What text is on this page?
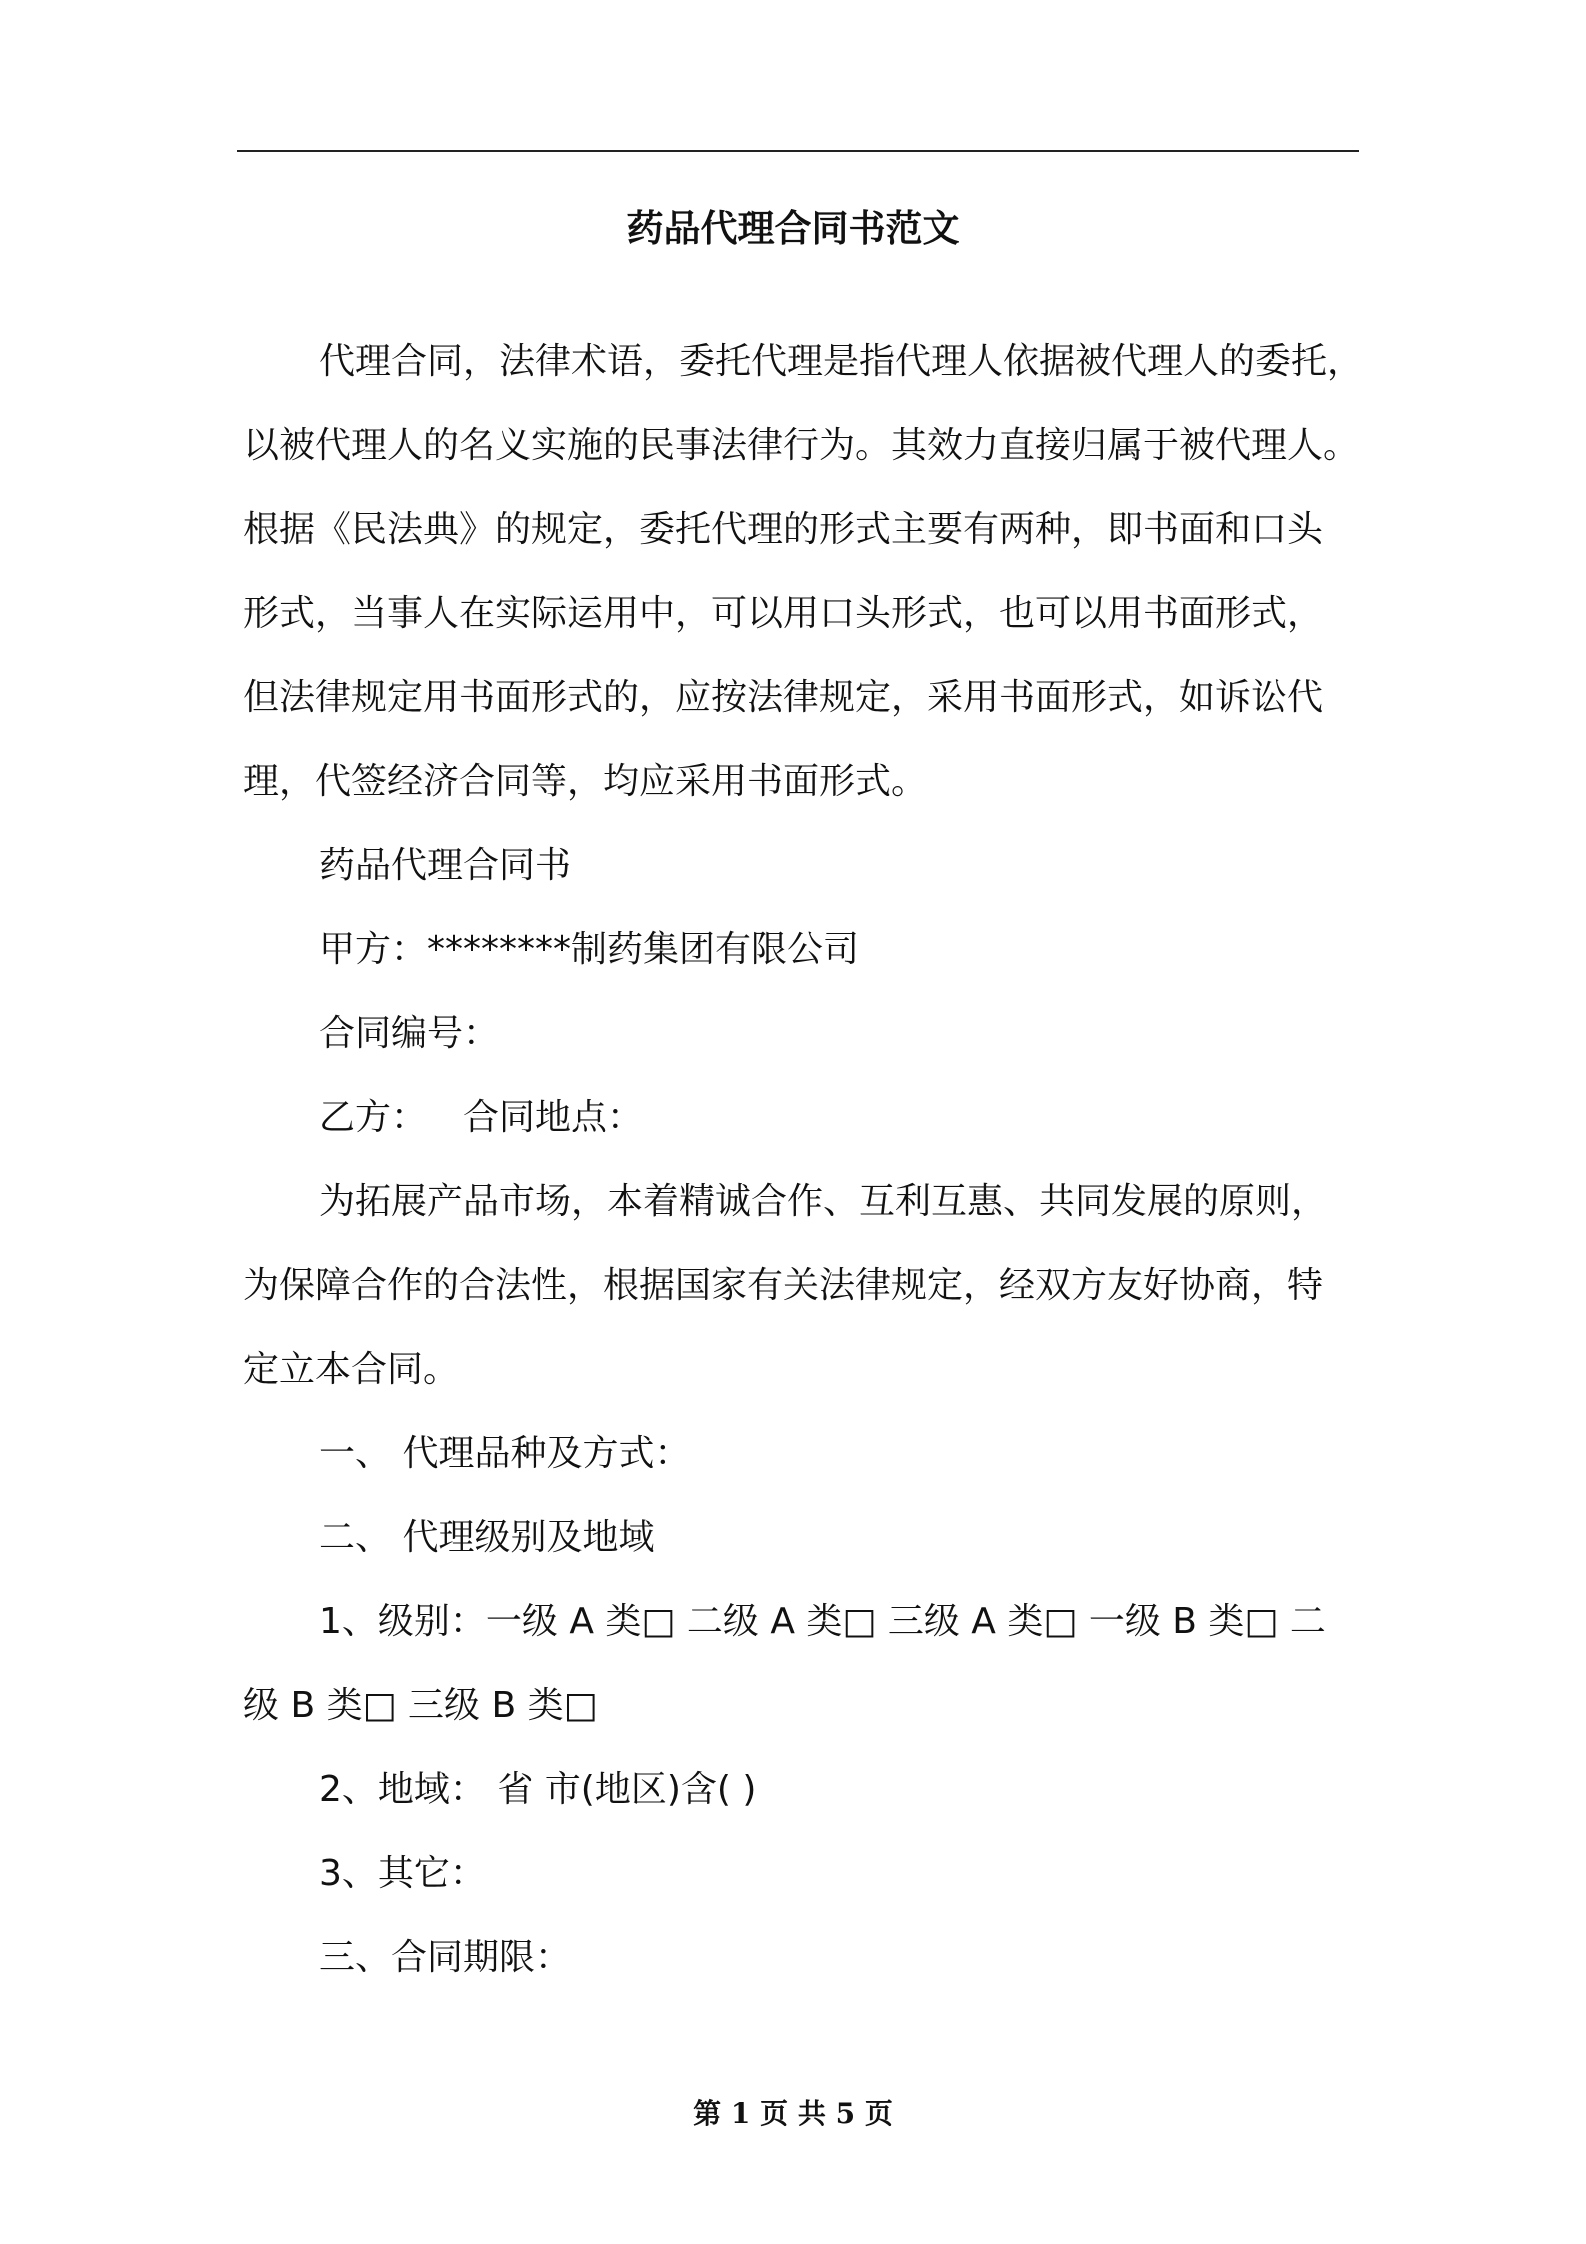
药品代理合同书范文

代理合同，法律术语，委托代理是指代理人依据被代理人的委托，

以被代理人的名义实施的民事法律行为。其效力直接归属于被代理人。

根据《民法典》的规定，委托代理的形式主要有两种，即书面和口头

形式，当事人在实际运用中，可以用口头形式，也可以用书面形式，

但法律规定用书面形式的，应按法律规定，采用书面形式，如诉讼代

理，代签经济合同等，均应采用书面形式。

药品代理合同书

甲方：********制药集团有限公司

合同编号：

乙方： 合同地点：

为拓展产品市场，本着精诚合作、互利互惠、共同发展的原则，

为保障合作的合法性，根据国家有关法律规定，经双方友好协商，特

定立本合同。

一、 代理品种及方式：

二、 代理级别及地域

1、级别：一级 A 类□ 二级 A 类□ 三级 A 类□ 一级 B 类□ 二

级 B 类□ 三级 B 类□

2、地域： 省 市(地区)含( )

3、其它：

三、合同期限：

第 1 页 共 5 页
